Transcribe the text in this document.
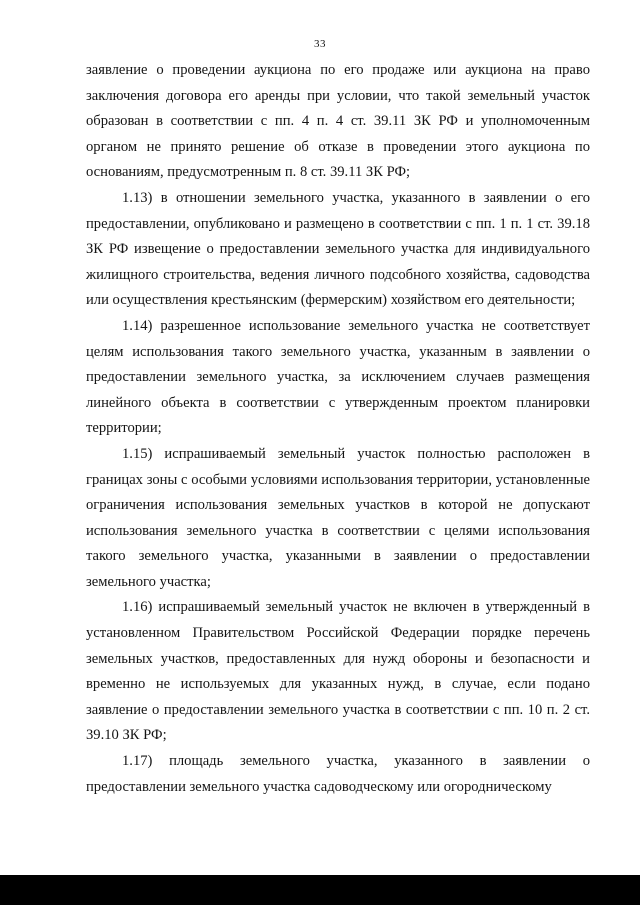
33

заявление о проведении аукциона по его продаже или аукциона на право заключения договора его аренды при условии, что такой земельный участок образован в соответствии с пп. 4 п. 4 ст. 39.11 ЗК РФ и уполномоченным органом не принято решение об отказе в проведении этого аукциона по основаниям, предусмотренным п. 8 ст. 39.11 ЗК РФ;

1.13) в отношении земельного участка, указанного в заявлении о его предоставлении, опубликовано и размещено в соответствии с пп. 1 п. 1 ст. 39.18 ЗК РФ извещение о предоставлении земельного участка для индивидуального жилищного строительства, ведения личного подсобного хозяйства, садоводства или осуществления крестьянским (фермерским) хозяйством его деятельности;

1.14) разрешенное использование земельного участка не соответствует целям использования такого земельного участка, указанным в заявлении о предоставлении земельного участка, за исключением случаев размещения линейного объекта в соответствии с утвержденным проектом планировки территории;

1.15) испрашиваемый земельный участок полностью расположен в границах зоны с особыми условиями использования территории, установленные ограничения использования земельных участков в которой не допускают использования земельного участка в соответствии с целями использования такого земельного участка, указанными в заявлении о предоставлении земельного участка;

1.16) испрашиваемый земельный участок не включен в утвержденный в установленном Правительством Российской Федерации порядке перечень земельных участков, предоставленных для нужд обороны и безопасности и временно не используемых для указанных нужд, в случае, если подано заявление о предоставлении земельного участка в соответствии с пп. 10 п. 2 ст. 39.10 ЗК РФ;

1.17) площадь земельного участка, указанного в заявлении о предоставлении земельного участка садоводческому или огородническому
